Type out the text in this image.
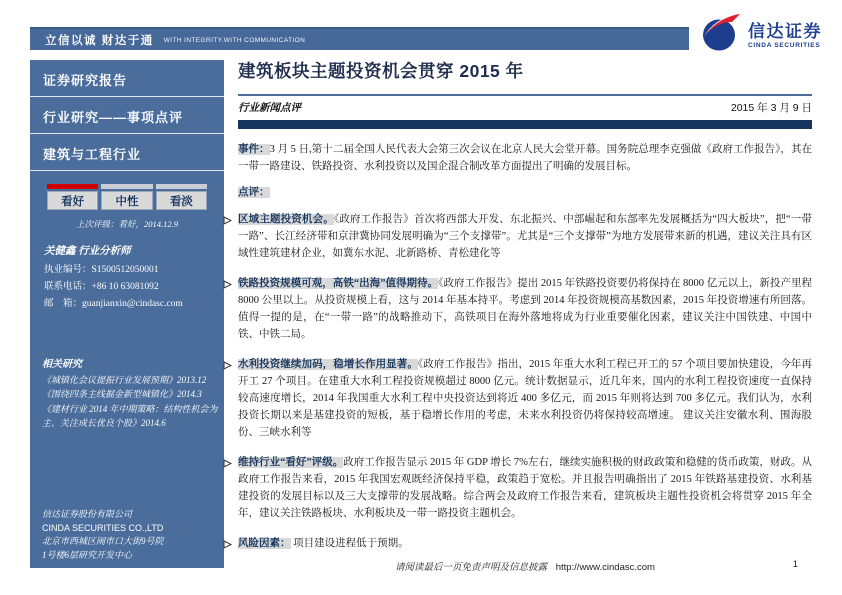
立信以诚 财达于通 WITH INTEGRITY.WITH COMMUNICATION	信达证券
CINDA SECURITIES
证券研究报告
行业研究——事项点评
建筑与工程行业
看好	中性	看淡
上次评级：看好，2014.12.9
关健鑫 行业分析师
执业编号：S1500512050001
联系电话：+86 10 63081092
邮　箱：guanjianxin@cindasc.com
相关研究
《城镇化会议提振行业发展预期》2013.12
《围绕四条主线掘金新型城镇化》2014.3
《建材行业 2014 年中期策略：结构性机会为主、关注成长优良个股》2014.6
信达证券股份有限公司
CINDA SECURITIES CO.,LTD
北京市西城区闹市口大街9号院
1号楼6层研究开发中心
邮编：100031
建筑板块主题投资机会贯穿 2015 年
行业新闻点评	2015 年 3 月 9 日

事件：3 月 5 日,第十二届全国人民代表大会第三次会议在北京人民大会堂开幕。国务院总理李克强做《政府工作报告》，其在一带一路建设、铁路投资、水利投资以及国企混合制改革方面提出了明确的发展目标。

点评：

区域主题投资机会。《政府工作报告》首次将西部大开发、东北振兴、中部崛起和东部率先发展概括为“四大板块”，把“一带一路”、长江经济带和京津冀协同发展明确为“三个支撑带”。尤其是“三个支撑带”为地方发展带来新的机遇，建议关注具有区域性建筑建材企业，如冀东水泥、北新路桥、青松建化等
铁路投资规模可观，高铁“出海”值得期待。《政府工作报告》提出 2015 年铁路投资要仍将保持在 8000 亿元以上，新投产里程 8000 公里以上。从投资规模上看，这与 2014 年基本持平。考虑到 2014 年投资规模高基数因素，2015 年投资增速有所回落。值得一提的是，在“一带一路”的战略推动下，高铁项目在海外落地将成为行业重要催化因素，建议关注中国铁建、中国中铁、中铁二局。
水利投资继续加码，稳增长作用显著。《政府工作报告》指出，2015 年重大水利工程已开工的 57 个项目要加快建设，今年再开工 27 个项目。在建重大水利工程投资规模超过 8000 亿元。统计数据显示，近几年来，国内的水利工程投资速度一直保持较高速度增长，2014 年我国重大水利工程中央投资达到将近 400 多亿元，而 2015 年则将达到 700 多亿元。我们认为，水利投资长期以来是基建投资的短板，基于稳增长作用的考虑，未来水利投资仍将保持较高增速。 建议关注安徽水利、围海股份、三峡水利等
维持行业“看好”评级。政府工作报告显示 2015 年 GDP 增长 7%左右，继续实施积极的财政政策和稳健的货币政策，财政。从政府工作报告来看，2015 年我国宏观既经济保持平稳，政策趋于宽松。并且报告明确指出了 2015 年铁路基建投资、水利基建投资的发展目标以及三大支撑带的发展战略。综合两会及政府工作报告来看，建筑板块主题性投资机会将贯穿 2015 年全年，建议关注铁路板块、水利板块及一带一路投资主题机会。
风险因素： 项目建设进程低于预期。
请阅读最后一页免责声明及信息披露 http://www.cindasc.com	1
